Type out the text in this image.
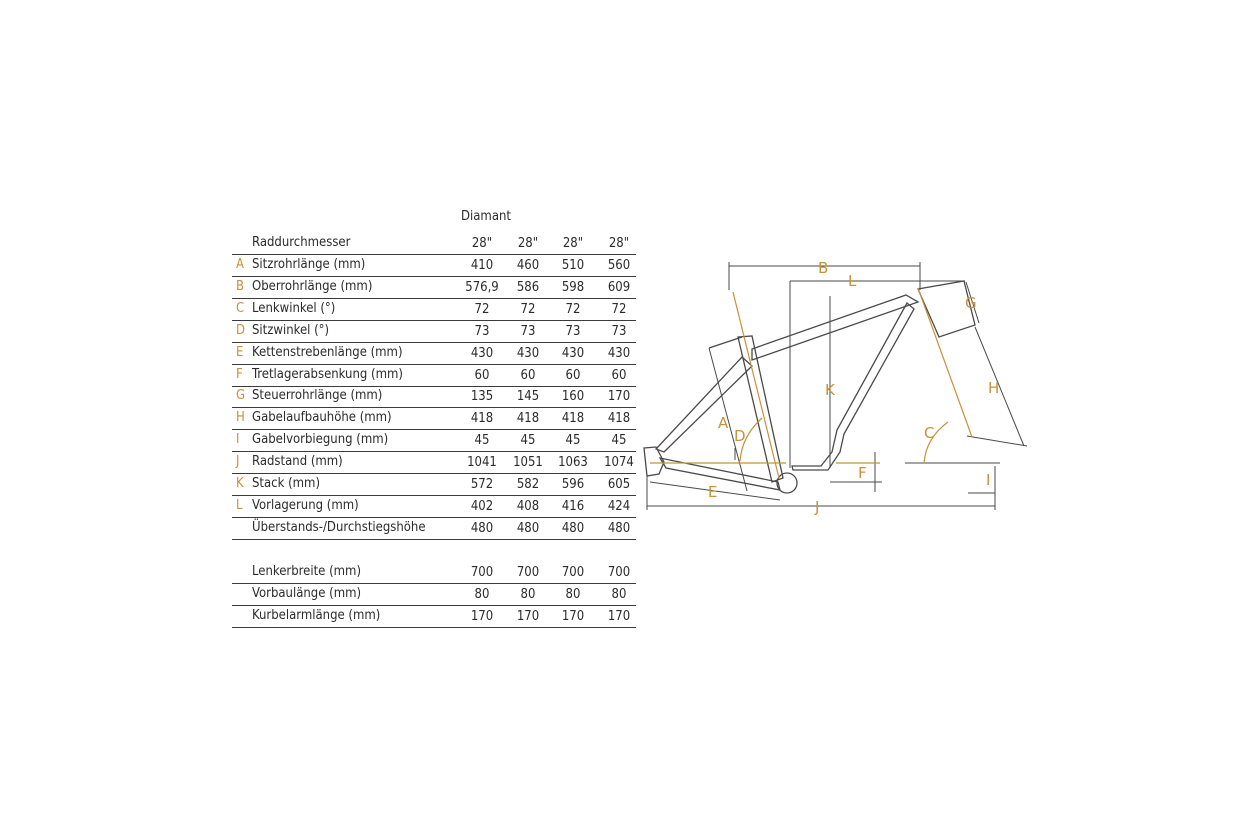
Diamant
Raddurchmesser	28"	28"	28"	28"
A Sitzrohrlänge (mm)	410	460	510	560
B Oberrohrlänge (mm)	576,9	586	598	609
C Lenkwinkel (°)	72	72	72	72
D Sitzwinkel (°)	73	73	73	73
E Kettenstrebenlänge (mm)	430	430	430	430
F Tretlagerabsenkung (mm)	60	60	60	60
G Steuerrohrlänge (mm)	135	145	160	170
H Gabelaufbauhöhe (mm)	418	418	418	418
I Gabelvorbiegung (mm)	45	45	45	45
J Radstand (mm)	1041	1051	1063	1074
K Stack (mm)	572	582	596	605
L Vorlagerung (mm)	402	408	416	424
Überstands-/Durchstiegshöhe	480	480	480	480
Lenkerbreite (mm)	700	700	700	700
Vorbaulänge (mm)	80	80	80	80
Kurbelarmlänge (mm)	170	170	170	170
B
L
G
H
K
C
A
D
F
E
J
I
